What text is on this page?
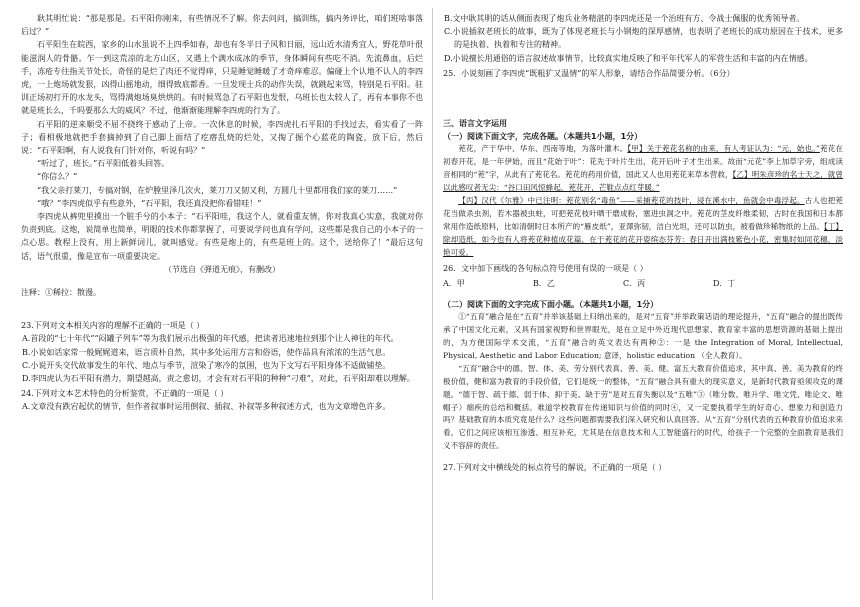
耿其明忙说：“那是那是。石平阳你刚来，有些情况不了解。你去问问，搞训练，搞内务评比，咱们班啥事落后过？”

石平阳生在皖西，家乡的山水虽说不上四季如春，却也有冬半日子风和日丽，远山近水清秀宜人，野花草叶很能滋润人的骨骼。乍一到这荒凉的北方山区，又遇上个满水成冰的季节，身体瞬间有些吃不消。先流鼻血，后烂手，冻疮专往指关节处长，奇怪的是烂了肉还不觉得痒，只是睡觉睡暖了才奇痒难忍。偏碰上个认地不认人的李四虎，一上炮场就发狠，凶得山摇地动，细得致底都香。一旦发现士兵的动作失误，就跳起来骂，特别是石平阳。驻训正场初打开的水龙头，骂得满炮场臭烘烘的。有时候骂急了石平阳也发恨，乌班长也太较人了，再有本事你不也就是班长么，千吗要那么大的威风？不过，他渐渐能理解李四虎的行为了。

石平阳的逆来顺受不屈不挠终于感动了上帝。一次休息的时候，李四虎扎石平阳的手找过去，看实看了一阵子；看相极地就把手套摘掉到了自己脚上面结了疙瘩乱烧的烂处，又掏了掘个心蓝花的陶瓷，放下后，然后说：“石平阳啊，有人说我有门针对你，听说有吗？”

“听过了，班长。”石平阳低着头回答。

“你信么？”

“我父亲打莱刀，专搞对钢，在炉膛里泽几次火，莱刀刀又韧又利，方圆几十里都用我们家的莱刀……”

“哦？”李四虎似乎有些意外，“石平阳，我还真没把你看错哇！”

李四虎从裤兜里摸出一个脏手兮的小本子：“石平阳哇，我这个人，就看重友情，你对我真心实意，我就对你负责到底。这炮，说简单也简单，明眼的技术你都掌握了，可要说学问也真有学问，这些都是我自己的小本子的一点心思。教程上没有，用上新鲜词儿，就叫感觉。有些是炮上的，有些是班上的。这个，送给你了！”最后这句话，语气很重，像是宣布一项重要决定。

（节选自《弹道无痕》，有删改）

注释：①稀拉：散漫。

23.下列对文本相关内容的理解不正确的一项是（ ）

A.首段的“七十年代”“闷罐子列车”等为我们展示出极强的年代感，把读者迅速地拉到那个让人神往的年代。

B.小说如话家常一般娓娓道来，语言质朴自然，其中多处运用方言和俗语，使作品具有浓浓的生活气息。

C.小说开头交代故事发生的年代、地点与季节，渲染了寒冷的氛围，也为下文写石平阳身体不适做铺垫。

D.李四虎认为石平阳有潜力，期望越高，责之愈切，才会有对石平阳的种种“刁难”，对此，石平阳却难以理解。

24.下列对文本艺术特色的分析鉴赏，不正确的一项是（ ）

A.文章没有跌宕起伏的情节，但作者叙事时运用倒叙、插叙、补叙等多种叙述方式，也为文章增色许多。

B.文中耿其明的话从侧面表现了炮兵业务精湛的李四虎还是一个治班有方、令战士佩服的优秀领导者。

C.小说插叙老班长的故事，既为了体现老班长与小钢炮的深厚感情，也表明了老班长的成功原因在于技术，更多的是执着、执着和专注的精神。

D.小说擅长用通俗的语言叙述故事情节，比较真实地反映了和平年代军人的军营生活和丰富的内在情感。

25．小说刻画了李四虎“既粗犷又温情”的军人形象，请结合作品简要分析。（6分）

三、语言文字运用

（一）阅读下面文字，完成各题。（本题共1小题，1分）

茺花，产于华中、华东、西南等地，为落叶灌木。【甲】关于茺花名称的由来，有人考证认为：“元，始也。”茺花在初春开花，是一年伊始，而且“花始于叶”：花先于叶片生出，花开后叶子才生出来。故而“元花”李上加草字旁，组成读音相同的“茺”字，从此有了茺花名。茺花的药用价值，国此又人也用茺花来草本营救，【乙】明朱彦珍的名士天之，就曾以此感叹者无尖：“谷口田风惊蜂起，茺花开，芒鞋点点红芽暖。”

【丙】汉代《尔雅》中已注明：茺花别名“毒鱼”——采捕茺花的技叶，浸在溪水中，鱼就会中毒浮起。古人也把茺花当做杀虫剂，若木器被虫蛀，可把茺花枝叶晒干磨成粉，塞进虫洞之中。茺花的茎皮纤维柔韧，古时在我国和日本都常用作造纸原料，比如清朝时日本所产的“雁皮纸”，亚澤弥韧，洁白光坦，还可以防虫，被看做珍稀物纸的上品。【丁】除却造纸，如今也有人将茺花种植成花篇，在于茺花的花开姿缤态芬芳：春日开出满枝紫色小花，密集时如同花穗，淡艳可爱。

26．文中加下画线的各句标点符号使用有误的一项是（ ）

A．甲	B．乙	C．丙	D．丁

（二）阅读下面的文字完成下面小题。（本题共1小题，1分）

①“五育”融合是在“五育”并举该基础上归纳出来的，是对“五育”并举政策话语的理论提升，“五育”融合的提出既传承了中国文化元素，又具有国家视野和世界眼光，是在立足中外近现代思想家、教育家丰富的思想资源的基础上提出的，为方便国际学术交流，“五育”融合的英文表达有两种②：一是 the Integration of Moral, Intellectual, Physical, Aesthetic and Labor Education; 意译，holistic education （全人教育）。

“五育”融合中的德、智、体、美、劳分别代表真、善、美、健、富五大教育价值追求，其中真、善、美为教育的终极价值，健和富为教育的手段价值，它们是统一的整体，“五育”融合具有重大的现实意义，是新时代教育亟须攻克的课题。“德于智、疏于德、弱于体、抑于美、缺于劳”是对五育失衡以及“五唯”③（唯分数、唯升学、唯文凭、唯论文、唯帽子）痼疾的总结和概括。难道学校教育在传递知识与价值的同时④，又一定要执着学生的好奇心、想象力和创造力吗？基础教育的本质究竟是什么？这些问题都需要我们深入研究和认真回答。从“五育”分别代表的五种教育价值追求来看，它们之间应该相互渗透、相互补充，尤其是在信息技术和人工智能盛行的时代，给孩子一个完整的全面教育是我们义不容辞的责任。

27.下列对文中横线处的标点符号的解说，不正确的一项是（ ）
